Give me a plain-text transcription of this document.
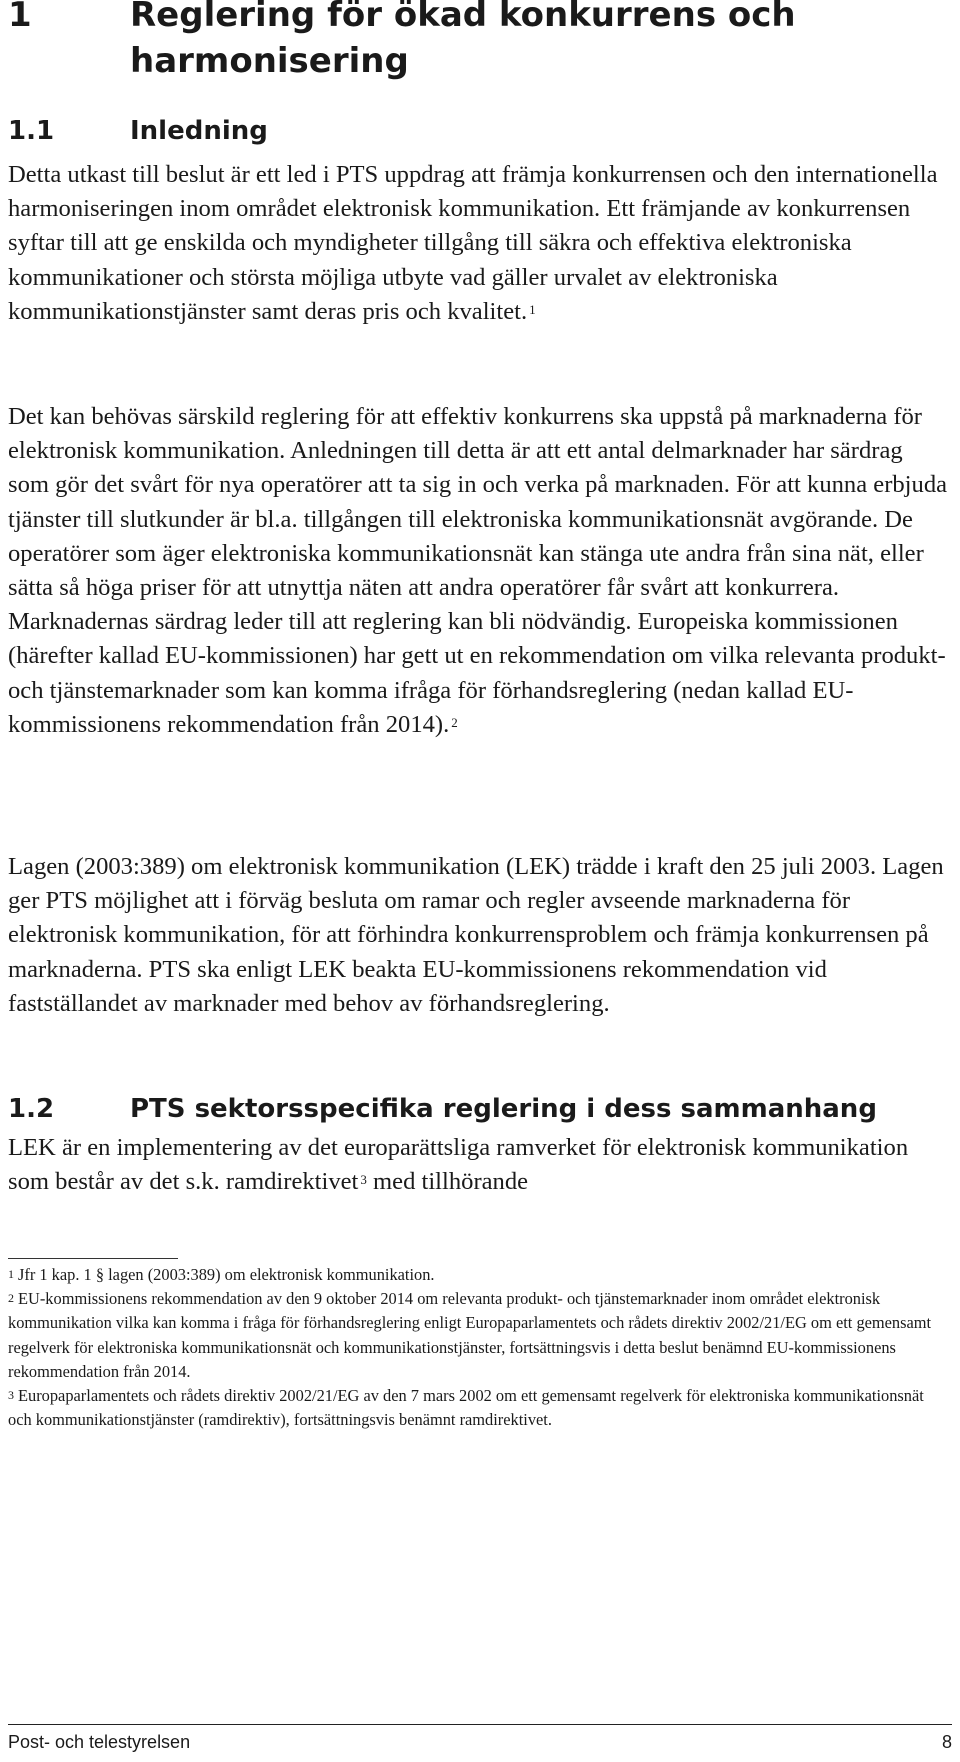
1	Reglering för ökad konkurrens och harmonisering
1.1	Inledning

Detta utkast till beslut är ett led i PTS uppdrag att främja konkurrensen och den internationella harmoniseringen inom området elektronisk kommunikation. Ett främjande av konkurrensen syftar till att ge enskilda och myndigheter tillgång till säkra och effektiva elektroniska kommunikationer och största möjliga utbyte vad gäller urvalet av elektroniska kommunikationstjänster samt deras pris och kvalitet. $^1$

Det kan behövas särskild reglering för att effektiv konkurrens ska uppstå på marknaderna för elektronisk kommunikation. Anledningen till detta är att ett antal delmarknader har särdrag som gör det svårt för nya operatörer att ta sig in och verka på marknaden. För att kunna erbjuda tjänster till slutkunder är bl.a. tillgången till elektroniska kommunikationsnät avgörande. De operatörer som äger elektroniska kommunikationsnät kan stänga ute andra från sina nät, eller sätta så höga priser för att utnyttja näten att andra operatörer får svårt att konkurrera. Marknadernas särdrag leder till att reglering kan bli nödvändig. Europeiska kommissionen (härefter kallad EU-kommissionen) har gett ut en rekommendation om vilka relevanta produkt- och tjänstemarknader som kan komma ifråga för förhandsreglering (nedan kallad EU-kommissionens rekommendation från 2014). $^2$

Lagen (2003:389) om elektronisk kommunikation (LEK) trädde i kraft den 25 juli 2003. Lagen ger PTS möjlighet att i förväg besluta om ramar och regler avseende marknaderna för elektronisk kommunikation, för att förhindra konkurrensproblem och främja konkurrensen på marknaderna. PTS ska enligt LEK beakta EU-kommissionens rekommendation vid fastställandet av marknader med behov av förhandsreglering.

1.2	PTS sektorsspecifika reglering i dess sammanhang

LEK är en implementering av det europarättsliga ramverket för elektronisk kommunikation som består av det s.k. ramdirektivet $^3$ med tillhörande

$^1$ Jfr 1 kap. 1 § lagen (2003:389) om elektronisk kommunikation.

$^2$ EU-kommissionens rekommendation av den 9 oktober 2014 om relevanta produkt- och tjänstemarknader inom området elektronisk kommunikation vilka kan komma i fråga för förhandsreglering enligt Europaparlamentets och rådets direktiv 2002/21/EG om ett gemensamt regelverk för elektroniska kommunikationsnät och kommunikationstjänster, fortsättningsvis i detta beslut benämnd EU-kommissionens rekommendation från 2014.

$^3$ Europaparlamentets och rådets direktiv 2002/21/EG av den 7 mars 2002 om ett gemensamt regelverk för elektroniska kommunikationsnät och kommunikationstjänster (ramdirektiv), fortsättningsvis benämnt ramdirektivet.

Post- och telestyrelsen	8
